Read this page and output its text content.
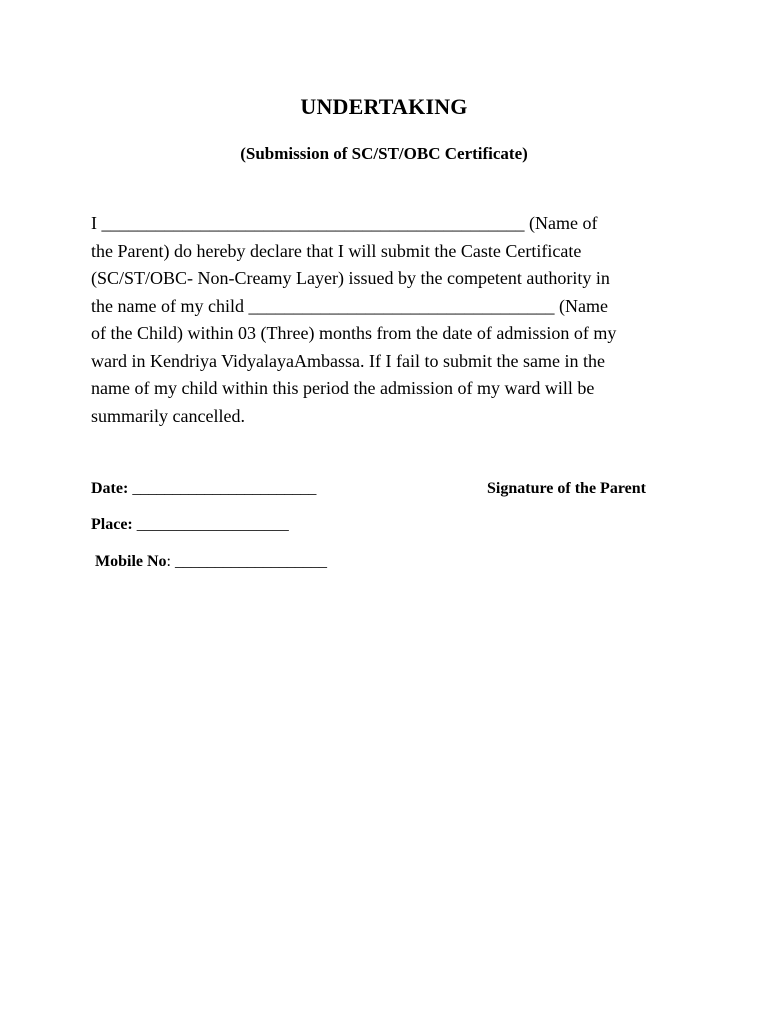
UNDERTAKING
(Submission of SC/ST/OBC Certificate)
I _______________________________________________ (Name of
the Parent) do hereby declare that I will submit the Caste Certificate
(SC/ST/OBC- Non-Creamy Layer) issued by the competent authority in
the name of my child __________________________________ (Name
of the Child) within 03 (Three) months from the date of admission of my
ward in Kendriya VidyalayaAmbassa. If I fail to submit the same in the
name of my child within this period the admission of my ward will be
summarily cancelled.
Date: _______________________	Signature of the Parent
Place: ___________________
Mobile No: ___________________
